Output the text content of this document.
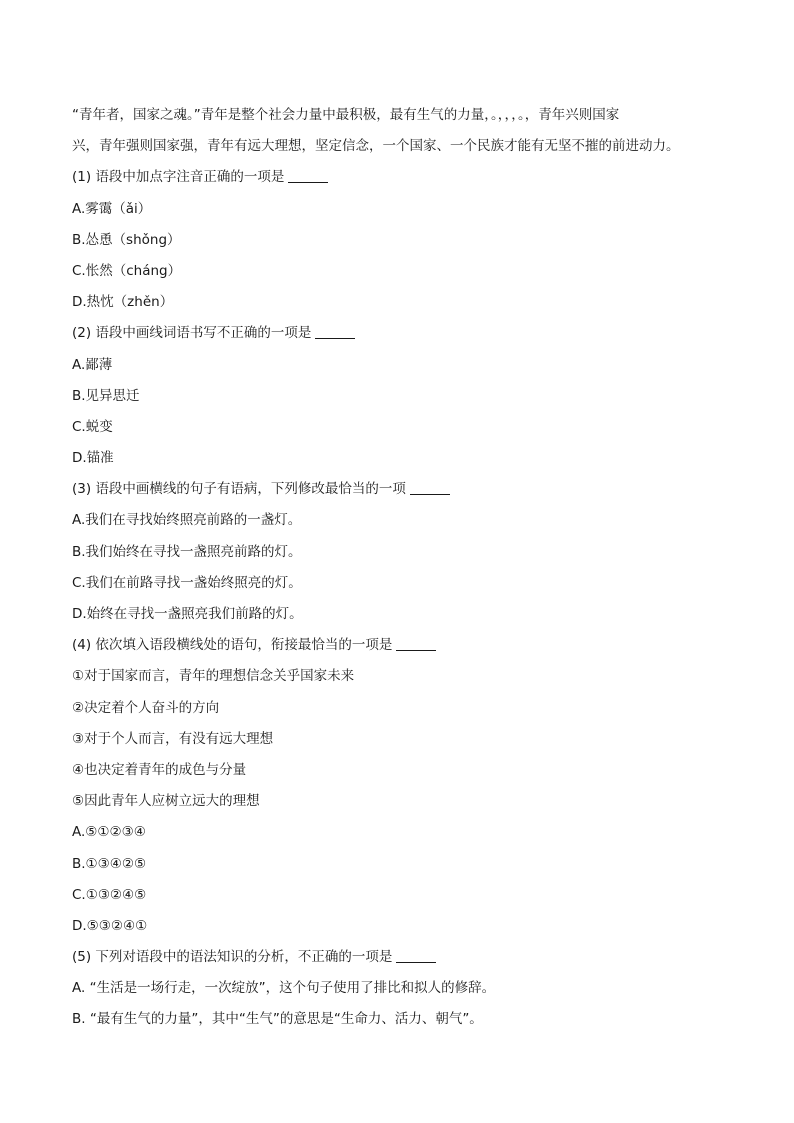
“青年者，国家之魂。”青年是整个社会力量中最积极，最有生气的力量，。，，，。，青年兴则国家
兴，青年强则国家强，青年有远大理想，坚定信念，一个国家、一个民族才能有无坚不摧的前进动力。
(1) 语段中加点字注音正确的一项是
A.雾霭（ǎi）
B.怂恿（shǒng）
C.怅然（cháng）
D.热忱（zhěn）
(2) 语段中画线词语书写不正确的一项是
A.鄙薄
B.见异思迁
C.蜕变
D.锚准
(3) 语段中画横线的句子有语病，下列修改最恰当的一项
A.我们在寻找始终照亮前路的一盏灯。
B.我们始终在寻找一盏照亮前路的灯。
C.我们在前路寻找一盏始终照亮的灯。
D.始终在寻找一盏照亮我们前路的灯。
(4) 依次填入语段横线处的语句，衔接最恰当的一项是
①对于国家而言，青年的理想信念关乎国家未来
②决定着个人奋斗的方向
③对于个人而言，有没有远大理想
④也决定着青年的成色与分量
⑤因此青年人应树立远大的理想
A.⑤①②③④
B.①③④②⑤
C.①③②④⑤
D.⑤③②④①
(5) 下列对语段中的语法知识的分析，不正确的一项是
A. “生活是一场行走，一次绽放”，这个句子使用了排比和拟人的修辞。
B. “最有生气的力量”，其中“生气”的意思是“生命力、活力、朝气”。
